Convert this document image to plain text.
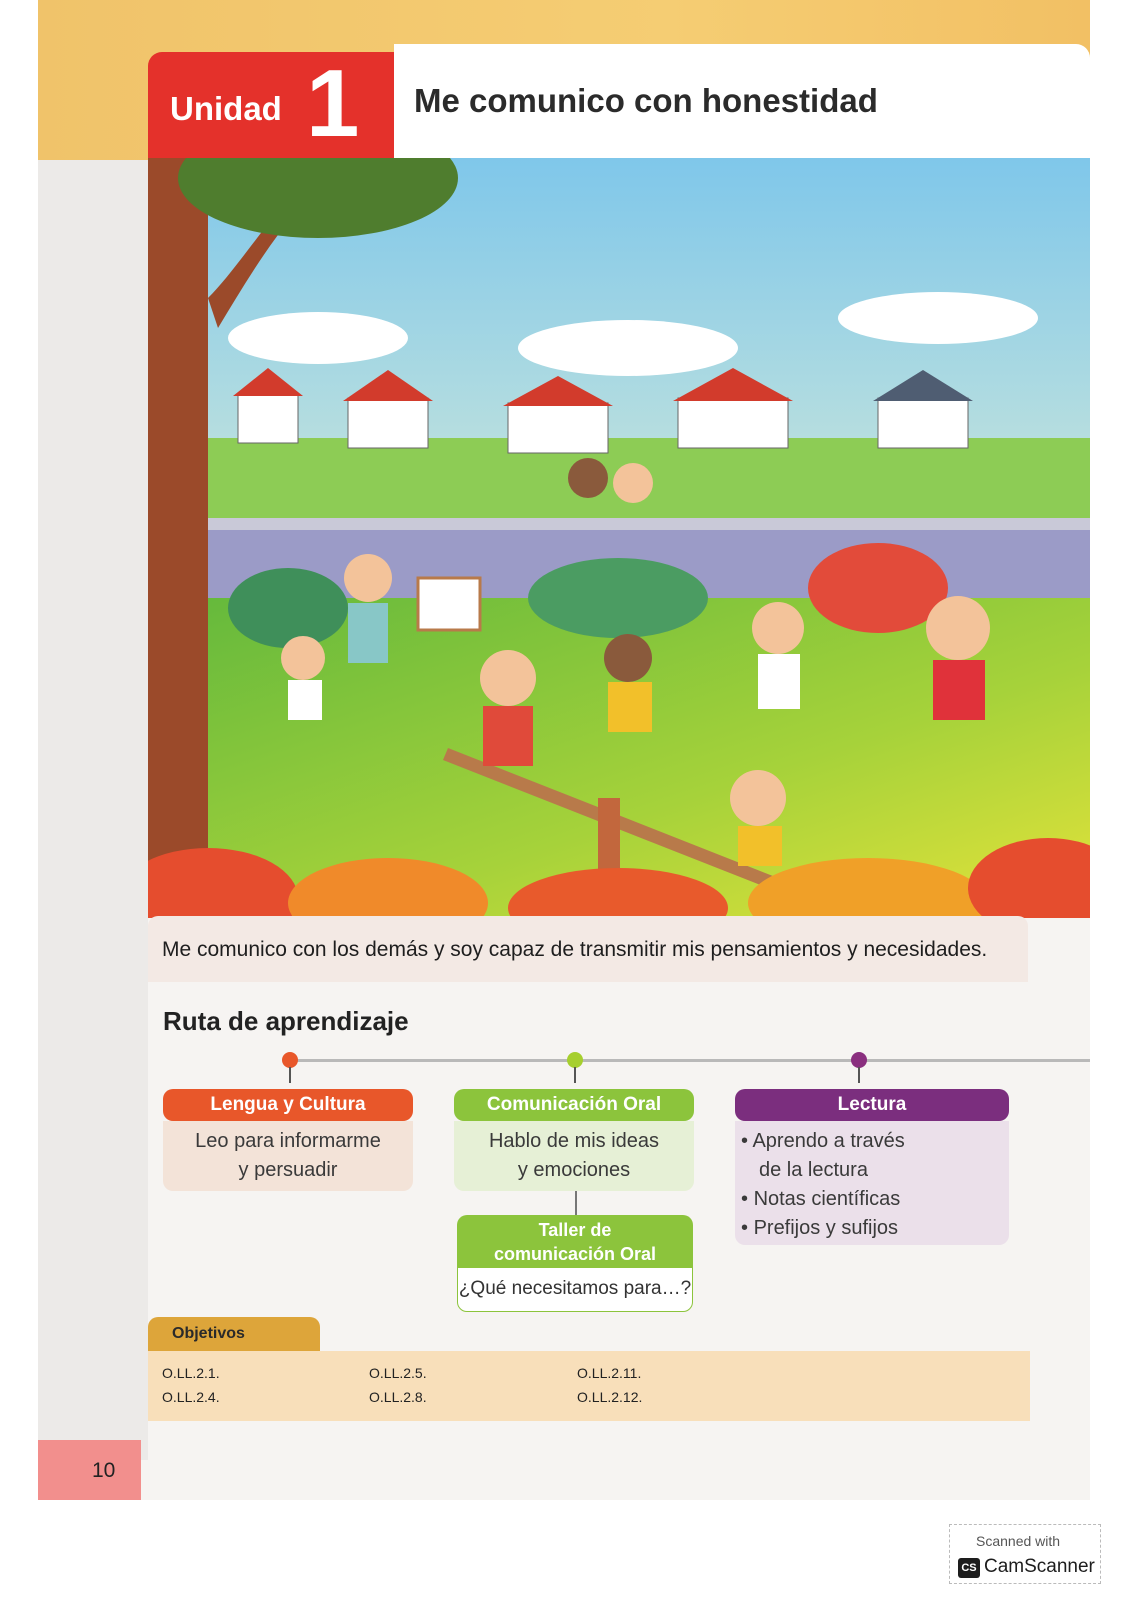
Unidad 1 Me comunico con honestidad
Me comunico con los demás y soy capaz de transmitir mis pensamientos y necesidades.
Ruta de aprendizaje
Lengua y Cultura
Leo para informarme
y persuadir
Comunicación Oral
Hablo de mis ideas
y emociones
Taller de
comunicación Oral
¿Qué necesitamos para…?
Lectura
• Aprendo a través
de la lectura
• Notas científicas
• Prefijos y sufijos
Objetivos
O.LL.2.1.
O.LL.2.4.
O.LL.2.5.
O.LL.2.8.
O.LL.2.11.
O.LL.2.12.
10
Scanned with
CS CamScanner
